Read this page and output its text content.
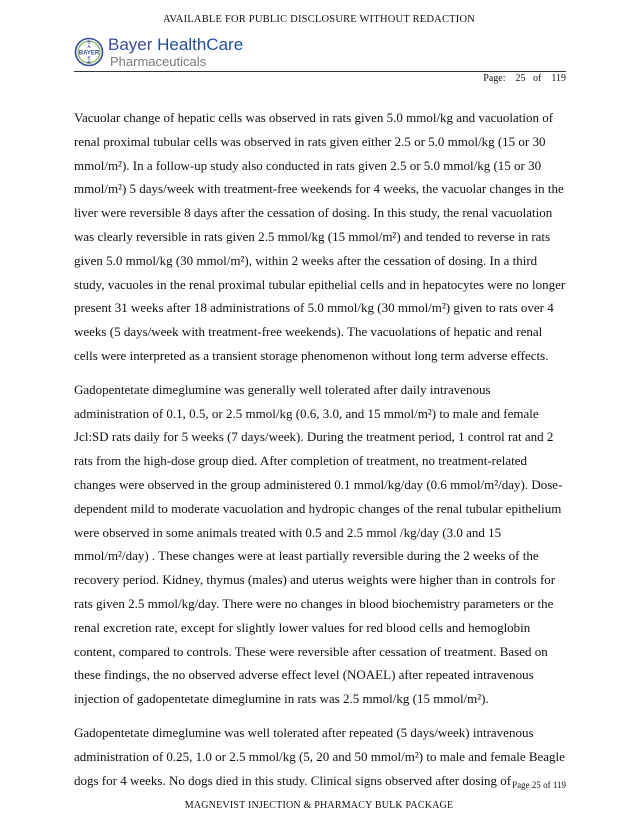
AVAILABLE FOR PUBLIC DISCLOSURE WITHOUT REDACTION
BAYER
B
A
E
R
Bayer HealthCare
Pharmaceuticals
Page: 25 of 119

Vacuolar change of hepatic cells was observed in rats given 5.0 mmol/kg and vacuolation of renal proximal tubular cells was observed in rats given either 2.5 or 5.0 mmol/kg (15 or 30 mmol/m²). In a follow-up study also conducted in rats given 2.5 or 5.0 mmol/kg (15 or 30 mmol/m²) 5 days/week with treatment-free weekends for 4 weeks, the vacuolar changes in the liver were reversible 8 days after the cessation of dosing. In this study, the renal vacuolation was clearly reversible in rats given 2.5 mmol/kg (15 mmol/m²) and tended to reverse in rats given 5.0 mmol/kg (30 mmol/m²), within 2 weeks after the cessation of dosing. In a third study, vacuoles in the renal proximal tubular epithelial cells and in hepatocytes were no longer present 31 weeks after 18 administrations of 5.0 mmol/kg (30 mmol/m²) given to rats over 4 weeks (5 days/week with treatment-free weekends). The vacuolations of hepatic and renal cells were interpreted as a transient storage phenomenon without long term adverse effects.

Gadopentetate dimeglumine was generally well tolerated after daily intravenous administration of 0.1, 0.5, or 2.5 mmol/kg (0.6, 3.0, and 15 mmol/m²) to male and female Jcl:SD rats daily for 5 weeks (7 days/week). During the treatment period, 1 control rat and 2 rats from the high-dose group died. After completion of treatment, no treatment-related changes were observed in the group administered 0.1 mmol/kg/day (0.6 mmol/m²/day). Dose-dependent mild to moderate vacuolation and hydropic changes of the renal tubular epithelium were observed in some animals treated with 0.5 and 2.5 mmol /kg/day (3.0 and 15 mmol/m²/day) . These changes were at least partially reversible during the 2 weeks of the recovery period. Kidney, thymus (males) and uterus weights were higher than in controls for rats given 2.5 mmol/kg/day. There were no changes in blood biochemistry parameters or the renal excretion rate, except for slightly lower values for red blood cells and hemoglobin content, compared to controls. These were reversible after cessation of treatment. Based on these findings, the no observed adverse effect level (NOAEL) after repeated intravenous injection of gadopentetate dimeglumine in rats was 2.5 mmol/kg (15 mmol/m²).

Gadopentetate dimeglumine was well tolerated after repeated (5 days/week) intravenous administration of 0.25, 1.0 or 2.5 mmol/kg (5, 20 and 50 mmol/m²) to male and female Beagle dogs for 4 weeks. No dogs died in this study. Clinical signs observed after dosing of Page 25 of 119
MAGNEVIST INJECTION & PHARMACY BULK PACKAGE
